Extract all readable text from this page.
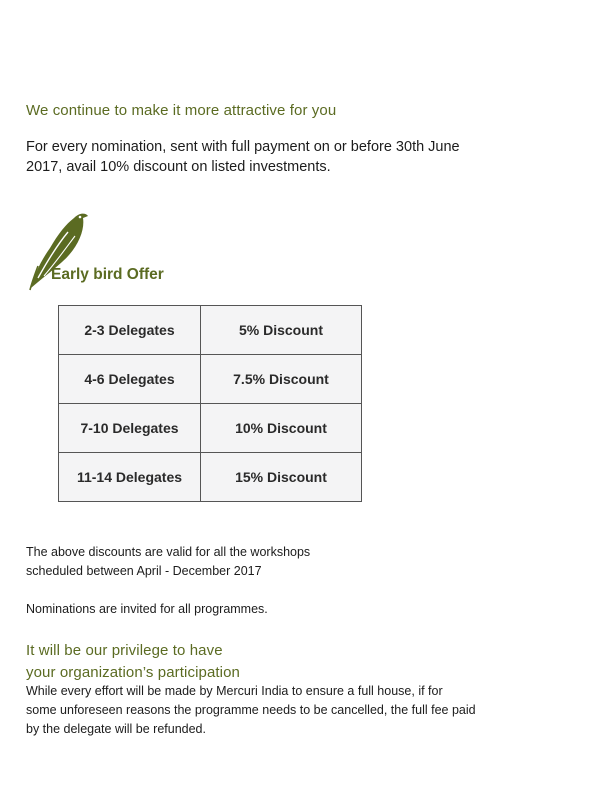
We continue to make it more attractive for you

For every nomination, sent with full payment on or before 30th June 2017, avail 10% discount on listed investments.

Early bird Offer
2-3 Delegates	5% Discount
4-6 Delegates	7.5% Discount
7-10 Delegates	10% Discount
11-14 Delegates	15% Discount

The above discounts are valid for all the workshops scheduled between April - December 2017

Nominations are invited for all programmes.

It will be our privilege to have
your organization’s participation

While every effort will be made by Mercuri India to ensure a full house, if for some unforeseen reasons the programme needs to be cancelled, the full fee paid by the delegate will be refunded.
